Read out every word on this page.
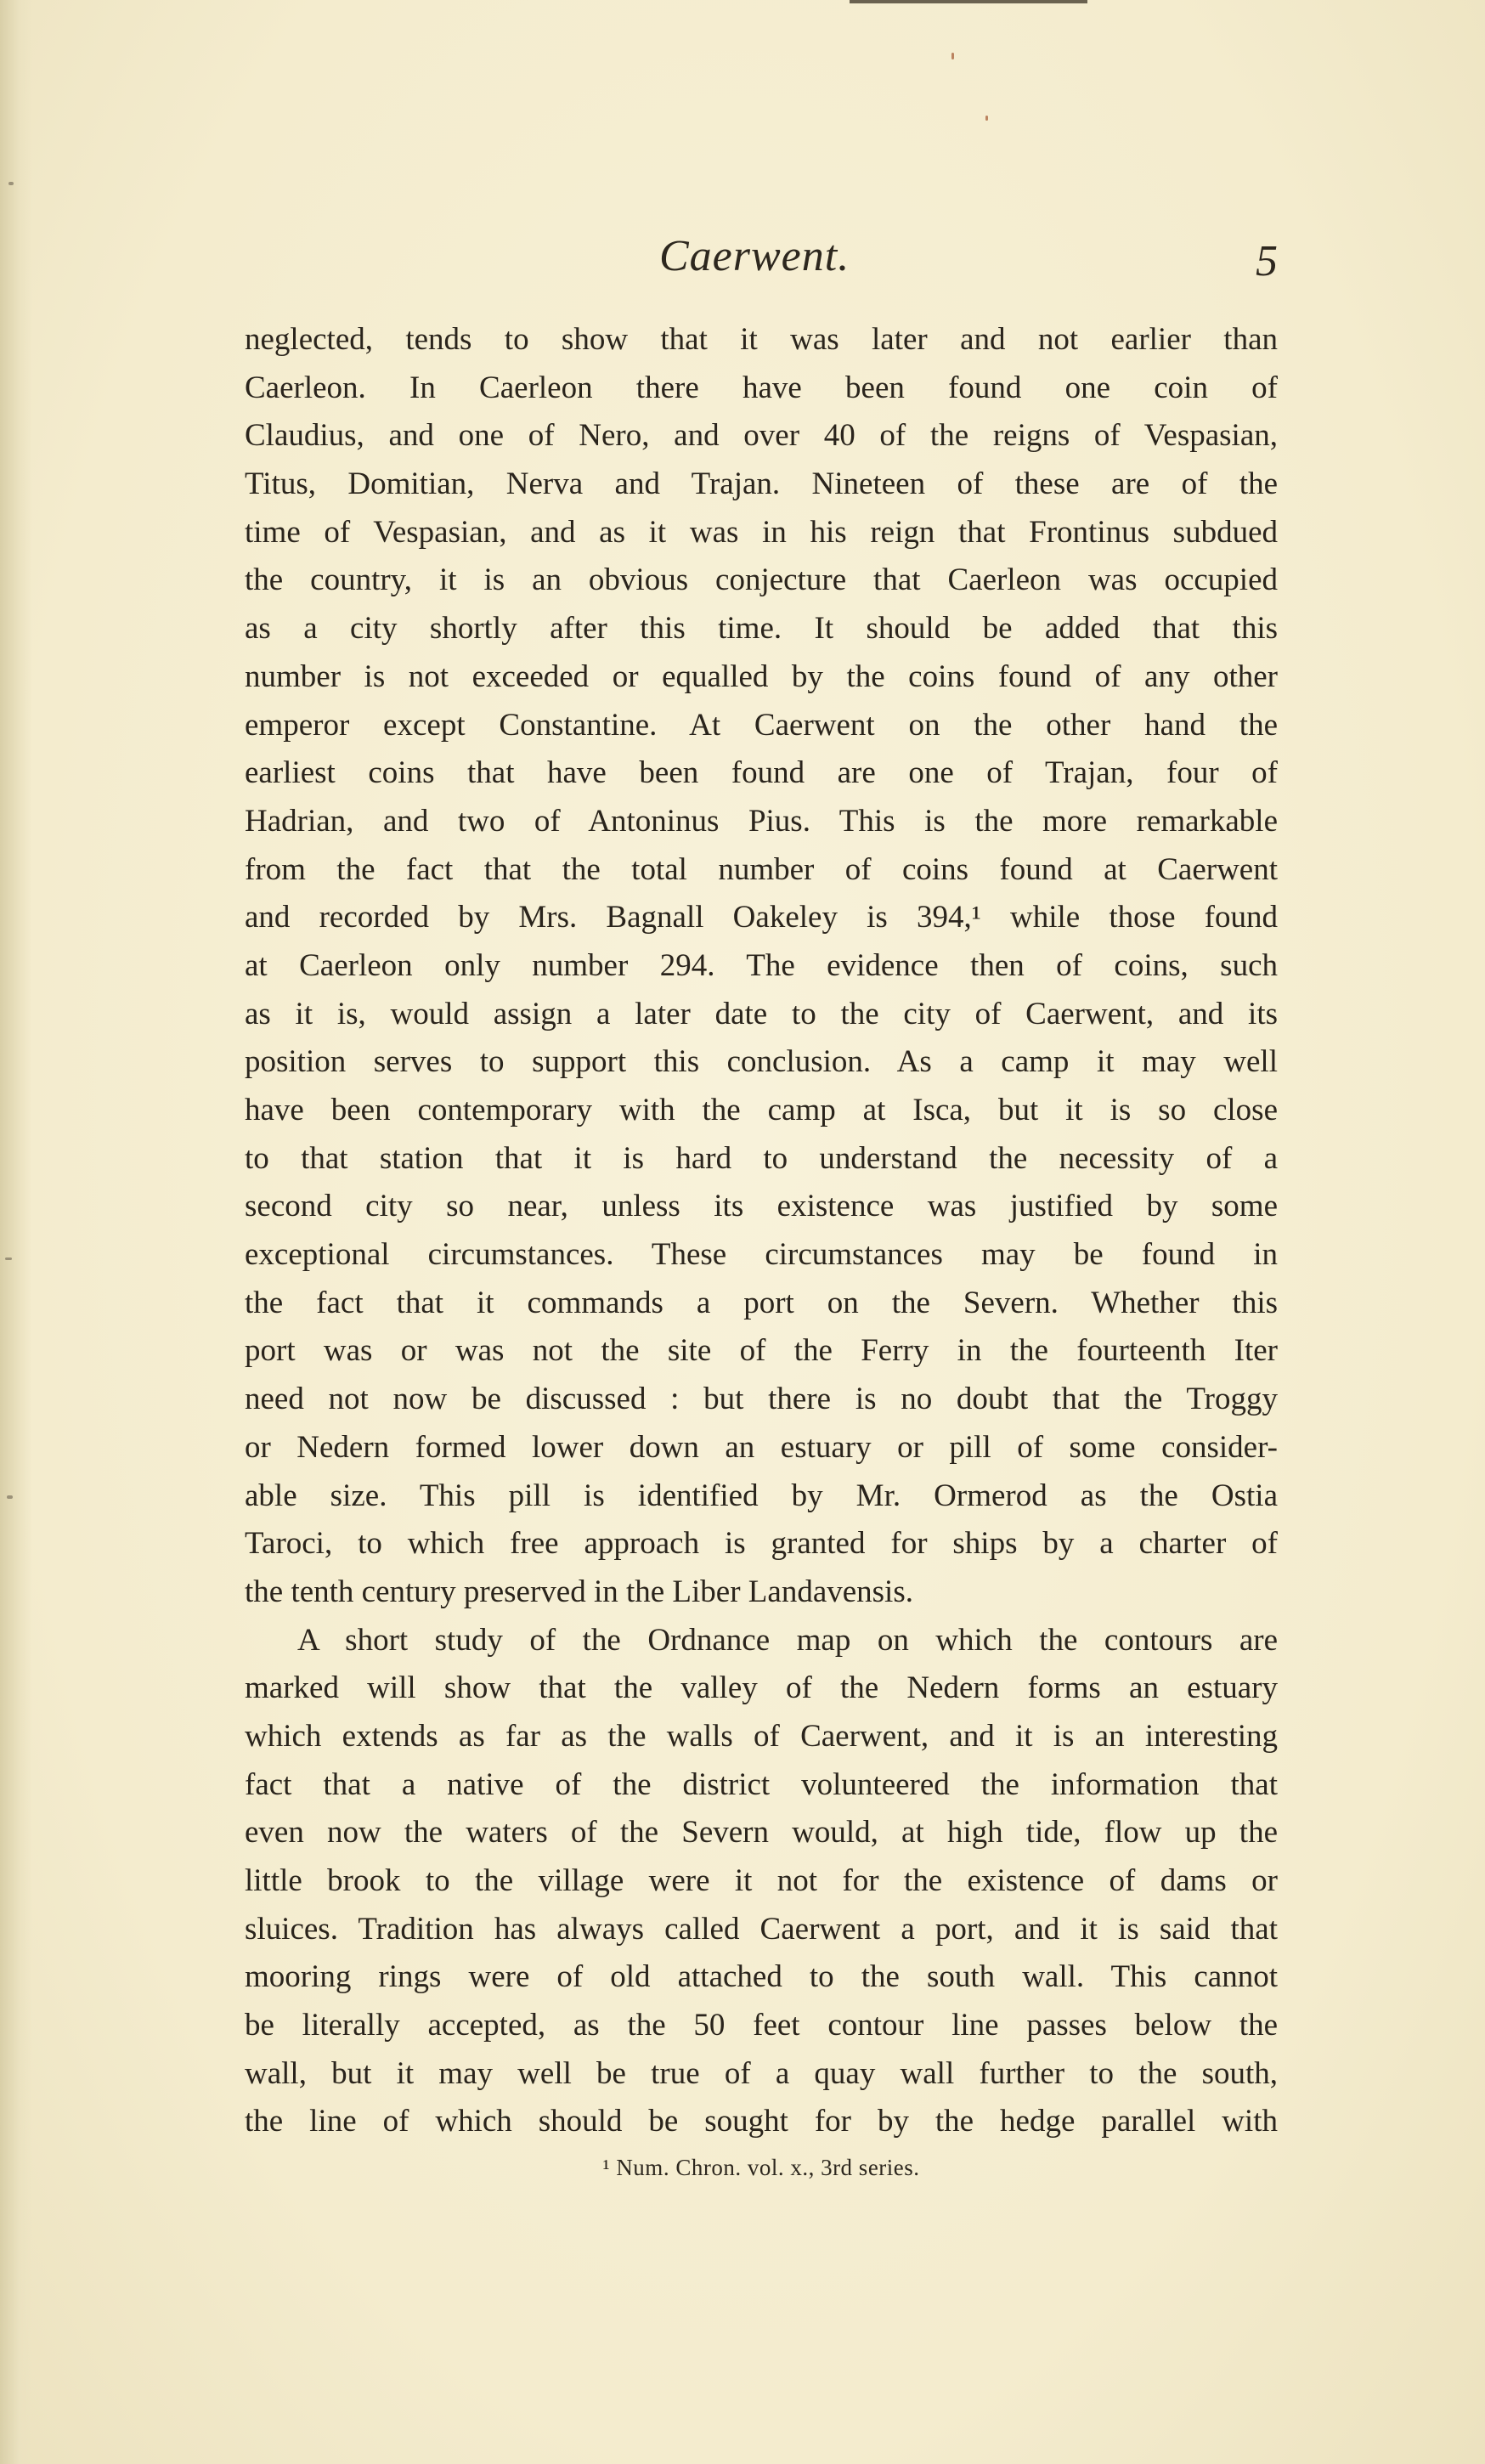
Caerwent.	5
neglected, tends to show that it was later and not earlier than
Caerleon. In Caerleon there have been found one coin of
Claudius, and one of Nero, and over 40 of the reigns of Vespasian,
Titus, Domitian, Nerva and Trajan. Nineteen of these are of the
time of Vespasian, and as it was in his reign that Frontinus subdued
the country, it is an obvious conjecture that Caerleon was occupied
as a city shortly after this time. It should be added that this
number is not exceeded or equalled by the coins found of any other
emperor except Constantine. At Caerwent on the other hand the
earliest coins that have been found are one of Trajan, four of
Hadrian, and two of Antoninus Pius. This is the more remarkable
from the fact that the total number of coins found at Caerwent
and recorded by Mrs. Bagnall Oakeley is 394,¹ while those found
at Caerleon only number 294. The evidence then of coins, such
as it is, would assign a later date to the city of Caerwent, and its
position serves to support this conclusion. As a camp it may well
have been contemporary with the camp at Isca, but it is so close
to that station that it is hard to understand the necessity of a
second city so near, unless its existence was justified by some
exceptional circumstances. These circumstances may be found in
the fact that it commands a port on the Severn. Whether this
port was or was not the site of the Ferry in the fourteenth Iter
need not now be discussed : but there is no doubt that the Troggy
or Nedern formed lower down an estuary or pill of some consider-
able size. This pill is identified by Mr. Ormerod as the Ostia
Taroci, to which free approach is granted for ships by a charter of
the tenth century preserved in the Liber Landavensis.
A short study of the Ordnance map on which the contours are
marked will show that the valley of the Nedern forms an estuary
which extends as far as the walls of Caerwent, and it is an interesting
fact that a native of the district volunteered the information that
even now the waters of the Severn would, at high tide, flow up the
little brook to the village were it not for the existence of dams or
sluices. Tradition has always called Caerwent a port, and it is said that
mooring rings were of old attached to the south wall. This cannot
be literally accepted, as the 50 feet contour line passes below the
wall, but it may well be true of a quay wall further to the south,
the line of which should be sought for by the hedge parallel with
¹ Num. Chron. vol. x., 3rd series.
